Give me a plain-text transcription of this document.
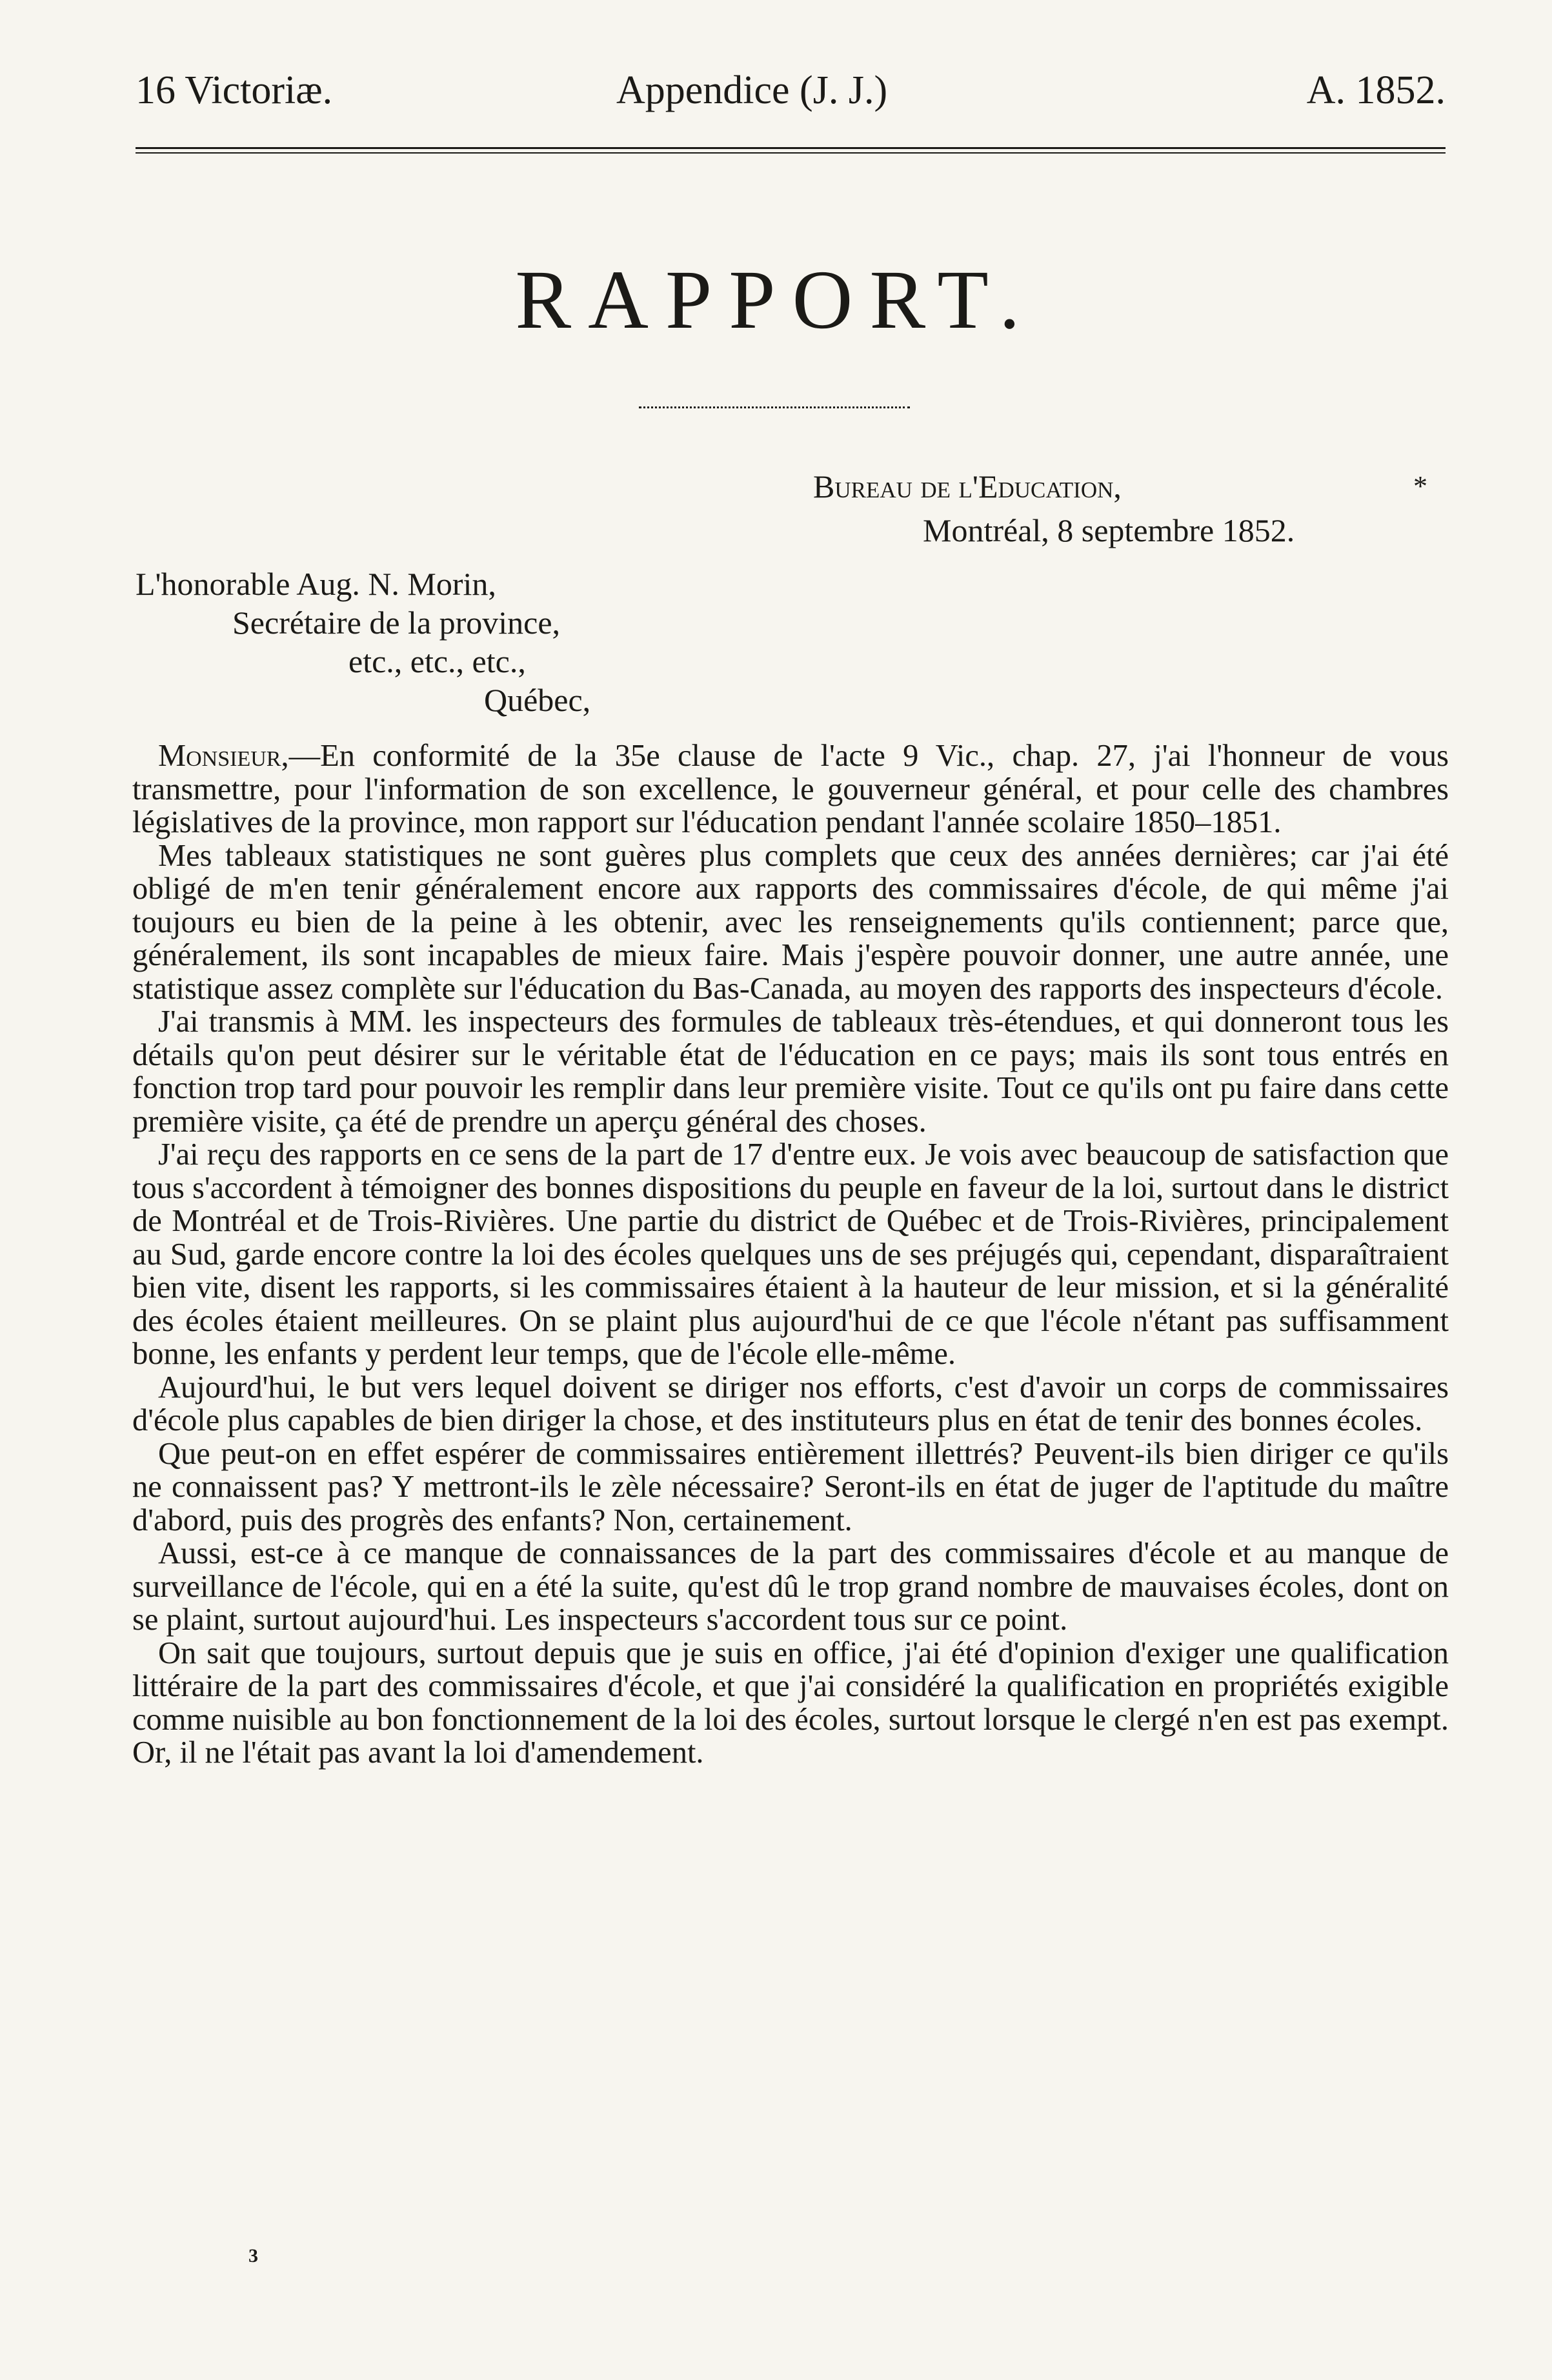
16 Victoriæ.	Appendice (J. J.)	A. 1852.
RAPPORT.
Bureau de l'Education,	*
Montréal, 8 septembre 1852.
L'honorable Aug. N. Morin,
Secrétaire de la province,
etc., etc., etc.,
Québec,

Monsieur,—En conformité de la 35e clause de l'acte 9 Vic., chap. 27, j'ai l'honneur de vous transmettre, pour l'information de son excellence, le gouverneur général, et pour celle des chambres législatives de la province, mon rapport sur l'éducation pendant l'année scolaire 1850–1851.

Mes tableaux statistiques ne sont guères plus complets que ceux des années dernières; car j'ai été obligé de m'en tenir généralement encore aux rapports des commissaires d'école, de qui même j'ai toujours eu bien de la peine à les obtenir, avec les renseignements qu'ils contiennent; parce que, généralement, ils sont incapables de mieux faire. Mais j'espère pouvoir donner, une autre année, une statistique assez complète sur l'éducation du Bas-Canada, au moyen des rapports des inspecteurs d'école.

J'ai transmis à MM. les inspecteurs des formules de tableaux très-étendues, et qui donneront tous les détails qu'on peut désirer sur le véritable état de l'éducation en ce pays; mais ils sont tous entrés en fonction trop tard pour pouvoir les remplir dans leur première visite. Tout ce qu'ils ont pu faire dans cette première visite, ça été de prendre un aperçu général des choses.

J'ai reçu des rapports en ce sens de la part de 17 d'entre eux. Je vois avec beaucoup de satisfaction que tous s'accordent à témoigner des bonnes dispositions du peuple en faveur de la loi, surtout dans le district de Montréal et de Trois-Rivières. Une partie du district de Québec et de Trois-Rivières, principalement au Sud, garde encore contre la loi des écoles quelques uns de ses préjugés qui, cependant, disparaîtraient bien vite, disent les rapports, si les commissaires étaient à la hauteur de leur mission, et si la généralité des écoles étaient meilleures. On se plaint plus aujourd'hui de ce que l'école n'étant pas suffisamment bonne, les enfants y perdent leur temps, que de l'école elle-même.

Aujourd'hui, le but vers lequel doivent se diriger nos efforts, c'est d'avoir un corps de commissaires d'école plus capables de bien diriger la chose, et des instituteurs plus en état de tenir des bonnes écoles.

Que peut-on en effet espérer de commissaires entièrement illettrés? Peuvent-ils bien diriger ce qu'ils ne connaissent pas? Y mettront-ils le zèle nécessaire? Seront-ils en état de juger de l'aptitude du maître d'abord, puis des progrès des enfants? Non, certainement.

Aussi, est-ce à ce manque de connaissances de la part des commissaires d'école et au manque de surveillance de l'école, qui en a été la suite, qu'est dû le trop grand nombre de mauvaises écoles, dont on se plaint, surtout aujourd'hui. Les inspecteurs s'accordent tous sur ce point.

On sait que toujours, surtout depuis que je suis en office, j'ai été d'opinion d'exiger une qualification littéraire de la part des commissaires d'école, et que j'ai considéré la qualification en propriétés exigible comme nuisible au bon fonctionnement de la loi des écoles, surtout lorsque le clergé n'en est pas exempt. Or, il ne l'était pas avant la loi d'amendement.

3
